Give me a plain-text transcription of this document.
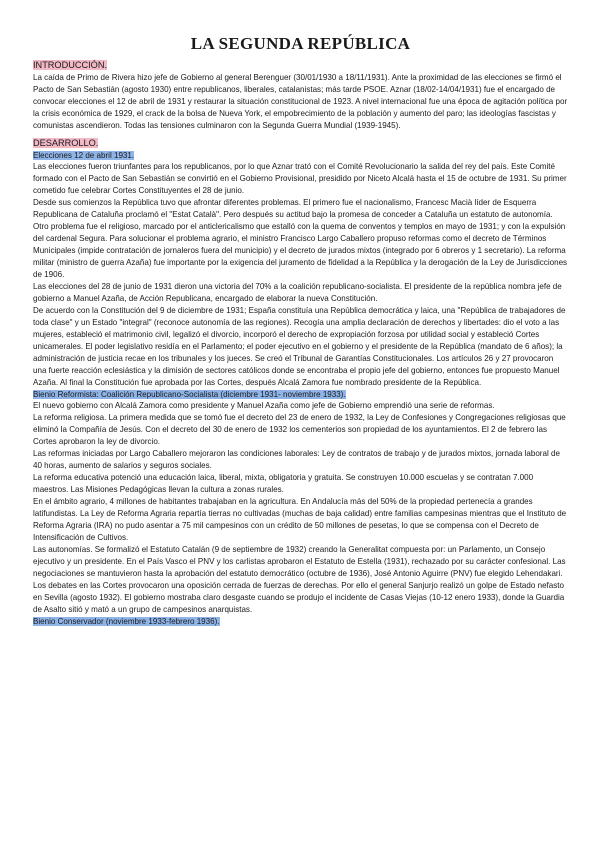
LA SEGUNDA REPÚBLICA
INTRODUCCIÓN.

La caída de Primo de Rivera hizo jefe de Gobierno al general Berenguer (30/01/1930 a 18/11/1931). Ante la proximidad de las elecciones se firmó el Pacto de San Sebastián (agosto 1930) entre republicanos, liberales, catalanistas; más tarde PSOE. Aznar (18/02-14/04/1931) fue el encargado de convocar elecciones el 12 de abril de 1931 y restaurar la situación constitucional de 1923. A nivel internacional fue una época de agitación política por la crisis económica de 1929, el crack de la bolsa de Nueva York, el empobrecimiento de la población y aumento del paro; las ideologías fascistas y comunistas ascendieron. Todas las tensiones culminaron con la Segunda Guerra Mundial (1939-1945).

DESARROLLO.
Elecciones 12 de abril 1931.

Las elecciones fueron triunfantes para los republicanos, por lo que Aznar trató con el Comité Revolucionario la salida del rey del país. Este Comité formado con el Pacto de San Sebastián se convirtió en el Gobierno Provisional, presidido por Niceto Alcalá hasta el 15 de octubre de 1931. Su primer cometido fue celebrar Cortes Constituyentes el 28 de junio.

Desde sus comienzos la República tuvo que afrontar diferentes problemas. El primero fue el nacionalismo, Francesc Macià líder de Esquerra Republicana de Cataluña proclamó el "Estat Català". Pero después su actitud bajo la promesa de conceder a Cataluña un estatuto de autonomía. Otro problema fue el religioso, marcado por el anticlericalismo que estalló con la quema de conventos y templos en mayo de 1931; y con la expulsión del cardenal Segura. Para solucionar el problema agrario, el ministro Francisco Largo Caballero propuso reformas como el decreto de Términos Municipales (impide contratación de jornaleros fuera del municipio) y el decreto de jurados mixtos (integrado por 6 obreros y 1 secretario). La reforma militar (ministro de guerra Azaña) fue importante por la exigencia del juramento de fidelidad a la República y la derogación de la Ley de Jurisdicciones de 1906.

Las elecciones del 28 de junio de 1931 dieron una victoria del 70% a la coalición republicano-socialista. El presidente de la república nombra jefe de gobierno a Manuel Azaña, de Acción Republicana, encargado de elaborar la nueva Constitución.

De acuerdo con la Constitución del 9 de diciembre de 1931; España constituía una República democrática y laica, una "República de trabajadores de toda clase" y un Estado "integral" (reconoce autonomía de las regiones). Recogía una amplia declaración de derechos y libertades: dio el voto a las mujeres, estableció el matrimonio civil, legalizó el divorcio, incorporó el derecho de expropiación forzosa por utilidad social y estableció Cortes unicamerales. El poder legislativo residía en el Parlamento; el poder ejecutivo en el gobierno y el presidente de la República (mandato de 6 años); la administración de justicia recae en los tribunales y los jueces. Se creó el Tribunal de Garantías Constitucionales. Los artículos 26 y 27 provocaron una fuerte reacción eclesiástica y la dimisión de sectores católicos donde se encontraba el propio jefe del gobierno, entonces fue propuesto Manuel Azaña. Al final la Constitución fue aprobada por las Cortes, después Alcalá Zamora fue nombrado presidente de la República.

Bienio Reformista: Coalición Republicano-Socialista (diciembre 1931- noviembre 1933).

El nuevo gobierno con Alcalá Zamora como presidente y Manuel Azaña como jefe de Gobierno emprendió una serie de reformas.

La reforma religiosa. La primera medida que se tomó fue el decreto del 23 de enero de 1932, la Ley de Confesiones y Congregaciones religiosas que eliminó la Compañía de Jesús. Con el decreto del 30 de enero de 1932 los cementerios son propiedad de los ayuntamientos. El 2 de febrero las Cortes aprobaron la ley de divorcio.

Las reformas iniciadas por Largo Caballero mejoraron las condiciones laborales: Ley de contratos de trabajo y de jurados mixtos, jornada laboral de 40 horas, aumento de salarios y seguros sociales.

La reforma educativa potenció una educación laica, liberal, mixta, obligatoria y gratuita. Se construyen 10.000 escuelas y se contratan 7.000 maestros. Las Misiones Pedagógicas llevan la cultura a zonas rurales.

En el ámbito agrario, 4 millones de habitantes trabajaban en la agricultura. En Andalucía más del 50% de la propiedad pertenecía a grandes latifundistas. La Ley de Reforma Agraria repartía tierras no cultivadas (muchas de baja calidad) entre familias campesinas mientras que el Instituto de Reforma Agraria (IRA) no pudo asentar a 75 mil campesinos con un crédito de 50 millones de pesetas, lo que se compensa con el Decreto de Intensificación de Cultivos.

Las autonomías. Se formalizó el Estatuto Catalán (9 de septiembre de 1932) creando la Generalitat compuesta por: un Parlamento, un Consejo ejecutivo y un presidente. En el País Vasco el PNV y los carlistas aprobaron el Estatuto de Estella (1931), rechazado por su carácter confesional. Las negociaciones se mantuvieron hasta la aprobación del estatuto democrático (octubre de 1936), José Antonio Aguirre (PNV) fue elegido Lehendakari.

Los debates en las Cortes provocaron una oposición cerrada de fuerzas de derechas. Por ello el general Sanjurjo realizó un golpe de Estado nefasto en Sevilla (agosto 1932). El gobierno mostraba claro desgaste cuando se produjo el incidente de Casas Viejas (10-12 enero 1933), donde la Guardia de Asalto sitió y mató a un grupo de campesinos anarquistas.

Bienio Conservador (noviembre 1933-febrero 1936).
